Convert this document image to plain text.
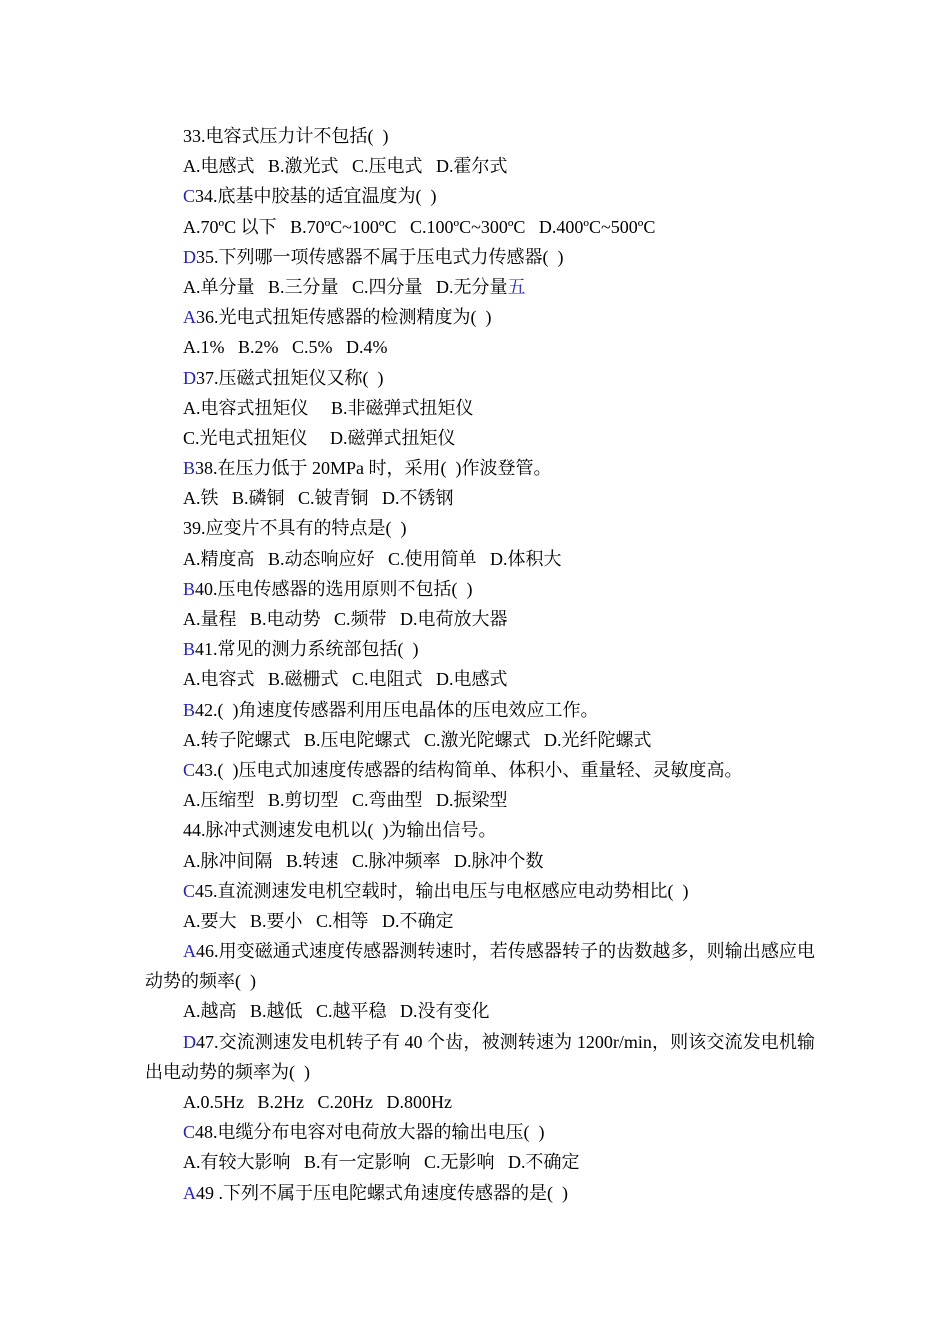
33.电容式压力计不包括(  )
A.电感式   B.激光式   C.压电式   D.霍尔式
C34.底基中胶基的适宜温度为(  )
A.70ºC 以下   B.70ºC~100ºC   C.100ºC~300ºC   D.400ºC~500ºC
D35.下列哪一项传感器不属于压电式力传感器(  )
A.单分量   B.三分量   C.四分量   D.无分量五
A36.光电式扭矩传感器的检测精度为(  )
A.1%   B.2%   C.5%   D.4%
D37.压磁式扭矩仪又称(  )
A.电容式扭矩仪     B.非磁弹式扭矩仪
C.光电式扭矩仪     D.磁弹式扭矩仪
B38.在压力低于 20MPa 时，采用(  )作波登管。
A.铁   B.磷铜   C.铍青铜   D.不锈钢
39.应变片不具有的特点是(  )
A.精度高   B.动态响应好   C.使用简单   D.体积大
B40.压电传感器的选用原则不包括(  )
A.量程   B.电动势   C.频带   D.电荷放大器
B41.常见的测力系统部包括(  )
A.电容式   B.磁栅式   C.电阻式   D.电感式
B42.(  )角速度传感器利用压电晶体的压电效应工作。
A.转子陀螺式   B.压电陀螺式   C.激光陀螺式   D.光纤陀螺式
C43.(  )压电式加速度传感器的结构简单、体积小、重量轻、灵敏度高。
A.压缩型   B.剪切型   C.弯曲型   D.振梁型
44.脉冲式测速发电机以(  )为输出信号。
A.脉冲间隔   B.转速   C.脉冲频率   D.脉冲个数
C45.直流测速发电机空载时，输出电压与电枢感应电动势相比(  )
A.要大   B.要小   C.相等   D.不确定
A46.用变磁通式速度传感器测转速时，若传感器转子的齿数越多，则输出感应电动势的频率(  )
A.越高   B.越低   C.越平稳   D.没有变化
D47.交流测速发电机转子有 40 个齿，被测转速为 1200r/min，则该交流发电机输出电动势的频率为(  )
A.0.5Hz   B.2Hz   C.20Hz   D.800Hz
C48.电缆分布电容对电荷放大器的输出电压(  )
A.有较大影响   B.有一定影响   C.无影响   D.不确定
A49 .下列不属于压电陀螺式角速度传感器的是(  )
